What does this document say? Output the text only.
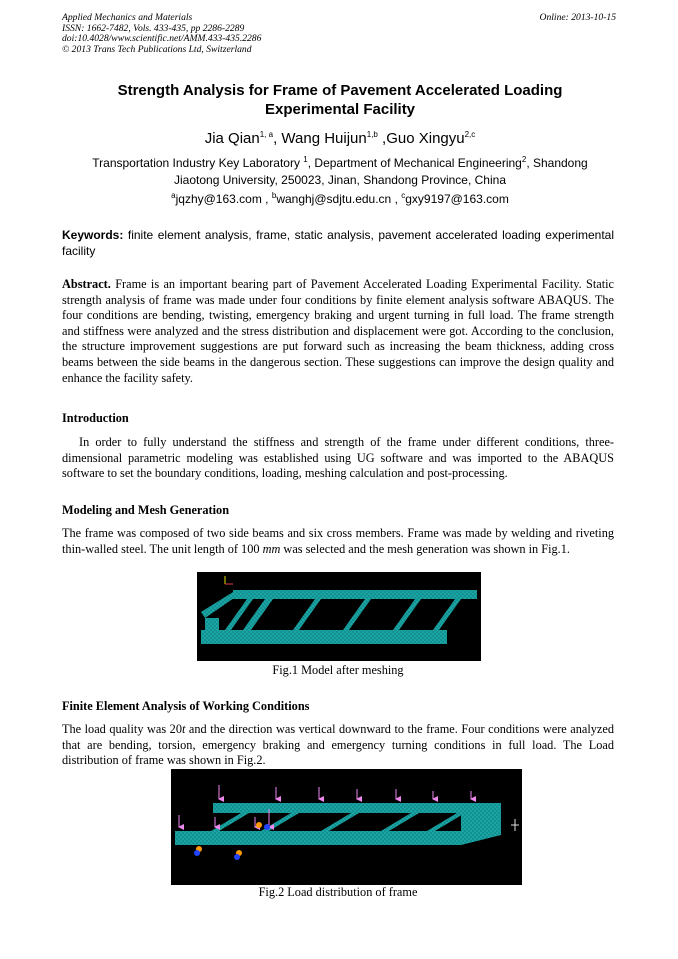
Applied Mechanics and Materials
ISSN: 1662-7482, Vols. 433-435, pp 2286-2289
doi:10.4028/www.scientific.net/AMM.433-435.2286
© 2013 Trans Tech Publications Ltd, Switzerland
Online: 2013-10-15
Strength Analysis for Frame of Pavement Accelerated Loading
Experimental Facility
Jia Qian$^{1, a}$, Wang Huijun$^{1,b}$ ,Guo Xingyu$^{2,c}$
Transportation Industry Key Laboratory $^1$, Department of Mechanical Engineering$^2$, Shandong
Jiaotong University, 250023, Jinan, Shandong Province, China
$^a$jqzhy@163.com , $^b$wanghj@sdjtu.edu.cn , $^c$gxy9197@163.com
Keywords: finite element analysis, frame, static analysis, pavement accelerated loading experimental facility
Abstract. Frame is an important bearing part of Pavement Accelerated Loading Experimental Facility. Static strength analysis of frame was made under four conditions by finite element analysis software ABAQUS. The four conditions are bending, twisting, emergency braking and urgent turning in full load. The frame strength and stiffness were analyzed and the stress distribution and displacement were got. According to the conclusion, the structure improvement suggestions are put forward such as increasing the beam thickness, adding cross beams between the side beams in the dangerous section. These suggestions can improve the design quality and enhance the facility safety.
Introduction
In order to fully understand the stiffness and strength of the frame under different conditions, three-dimensional parametric modeling was established using UG software and was imported to the ABAQUS software to set the boundary conditions, loading, meshing calculation and post-processing.
Modeling and Mesh Generation
The frame was composed of two side beams and six cross members. Frame was made by welding and riveting thin-walled steel. The unit length of 100 mm was selected and the mesh generation was shown in Fig.1.
Fig.1 Model after meshing
Finite Element Analysis of Working Conditions
The load quality was 20t and the direction was vertical downward to the frame. Four conditions were analyzed that are bending, torsion, emergency braking and emergency turning conditions in full load. The Load distribution of frame was shown in Fig.2.
Fig.2 Load distribution of frame
